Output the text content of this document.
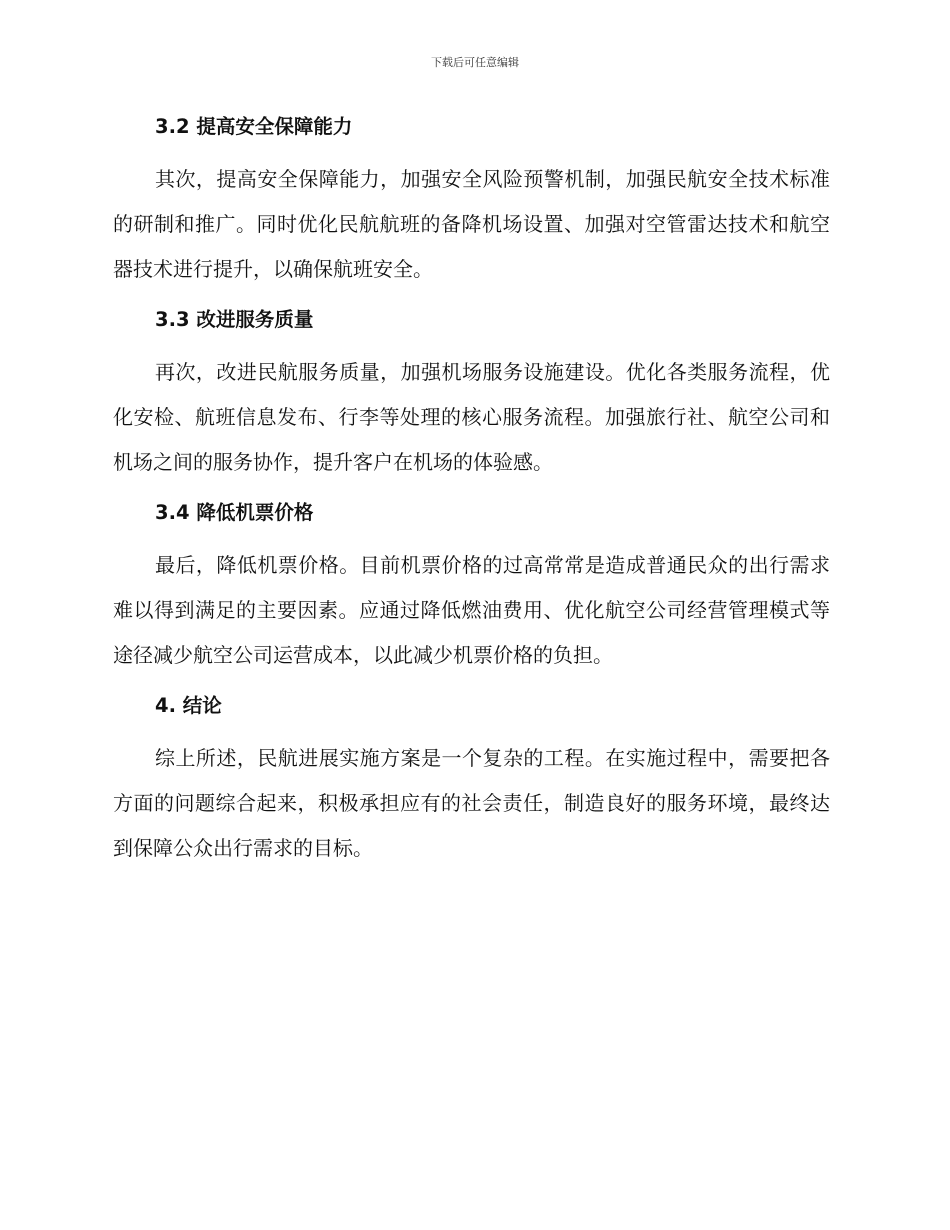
下载后可任意编辑
3.2 提高安全保障能力

其次，提高安全保障能力，加强安全风险预警机制，加强民航安全技术标准的研制和推广。同时优化民航航班的备降机场设置、加强对空管雷达技术和航空器技术进行提升，以确保航班安全。

3.3 改进服务质量

再次，改进民航服务质量，加强机场服务设施建设。优化各类服务流程，优化安检、航班信息发布、行李等处理的核心服务流程。加强旅行社、航空公司和机场之间的服务协作，提升客户在机场的体验感。

3.4 降低机票价格

最后，降低机票价格。目前机票价格的过高常常是造成普通民众的出行需求难以得到满足的主要因素。应通过降低燃油费用、优化航空公司经营管理模式等途径减少航空公司运营成本，以此减少机票价格的负担。

4. 结论

综上所述，民航进展实施方案是一个复杂的工程。在实施过程中，需要把各方面的问题综合起来，积极承担应有的社会责任，制造良好的服务环境，最终达到保障公众出行需求的目标。
